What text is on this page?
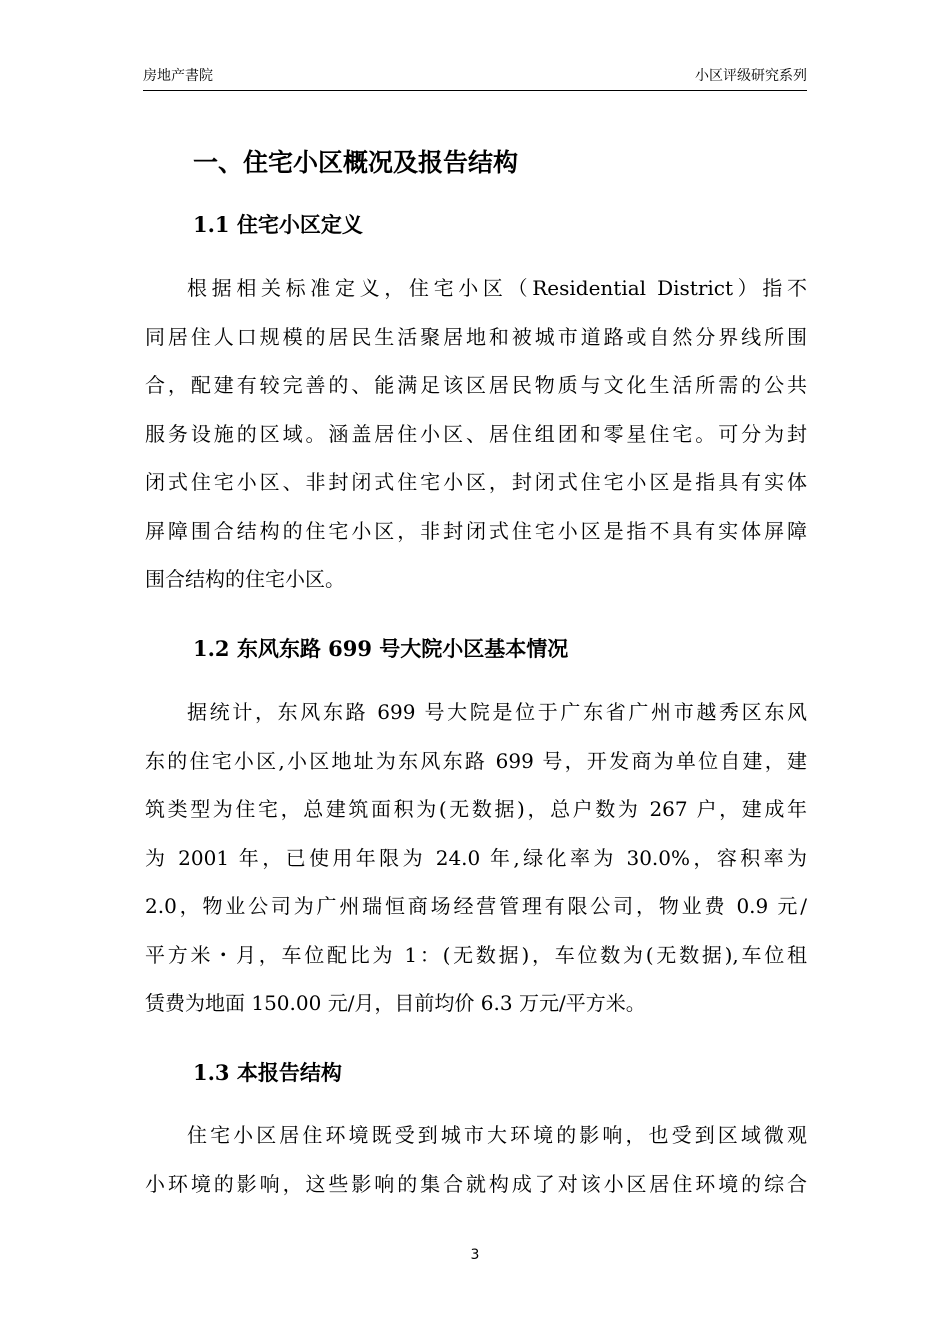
房地产書院	小区评级研究系列
一、住宅小区概况及报告结构
1.1 住宅小区定义
根据相关标准定义，住宅小区（Residential District）指不
同居住人口规模的居民生活聚居地和被城市道路或自然分界线所围
合，配建有较完善的、能满足该区居民物质与文化生活所需的公共
服务设施的区域。涵盖居住小区、居住组团和零星住宅。可分为封
闭式住宅小区、非封闭式住宅小区，封闭式住宅小区是指具有实体
屏障围合结构的住宅小区，非封闭式住宅小区是指不具有实体屏障
围合结构的住宅小区。
1.2 东风东路 699 号大院小区基本情况
据统计，东风东路 699 号大院是位于广东省广州市越秀区东风
东的住宅小区,小区地址为东风东路 699 号，开发商为单位自建，建
筑类型为住宅，总建筑面积为(无数据)，总户数为 267 户，建成年
为 2001 年，已使用年限为 24.0 年,绿化率为 30.0%，容积率为
2.0，物业公司为广州瑞恒商场经营管理有限公司，物业费 0.9 元/
平方米・月，车位配比为 1：(无数据)，车位数为(无数据),车位租
赁费为地面 150.00 元/月，目前均价 6.3 万元/平方米。
1.3 本报告结构
住宅小区居住环境既受到城市大环境的影响，也受到区域微观
小环境的影响，这些影响的集合就构成了对该小区居住环境的综合
3
